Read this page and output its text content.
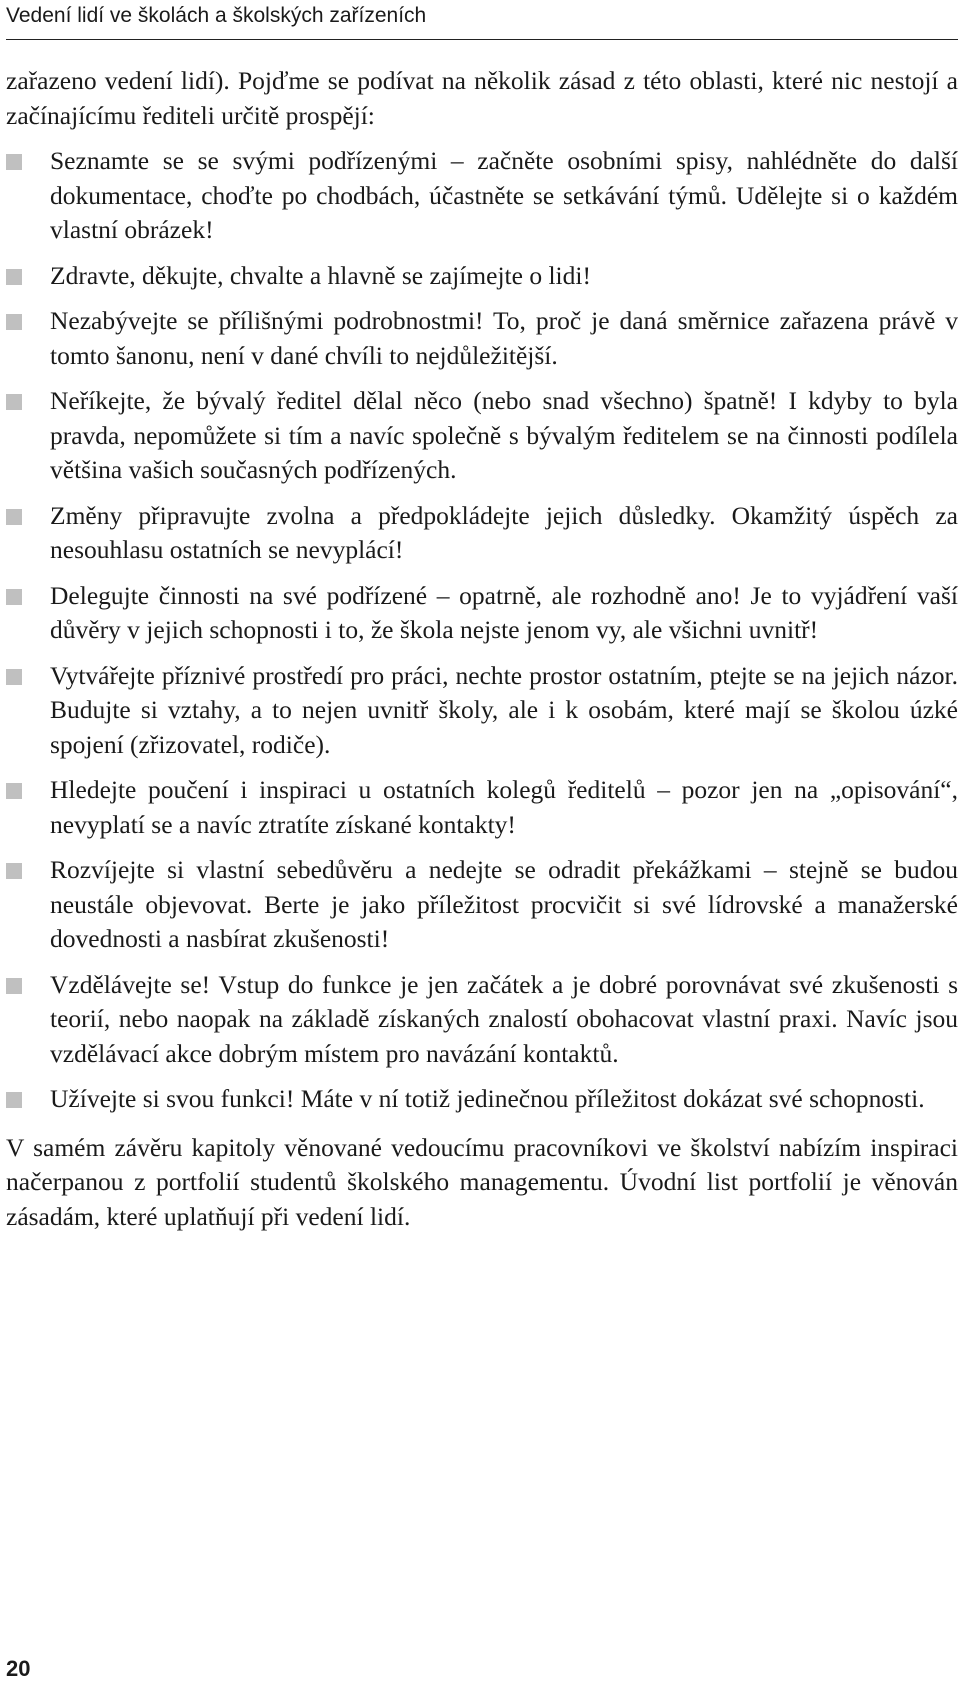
Vedení lidí ve školách a školských zařízeních

zařazeno vedení lidí). Pojďme se podívat na několik zásad z této oblasti, které nic nestojí a začínajícímu řediteli určitě prospějí:

Seznamte se se svými podřízenými – začněte osobními spisy, nahlédněte do další dokumentace, choďte po chodbách, účastněte se setkávání týmů. Udělejte si o každém vlastní obrázek!
Zdravte, děkujte, chvalte a hlavně se zajímejte o lidi!
Nezabývejte se přílišnými podrobnostmi! To, proč je daná směrnice zařazena právě v tomto šanonu, není v dané chvíli to nejdůležitější.
Neříkejte, že bývalý ředitel dělal něco (nebo snad všechno) špatně! I kdyby to byla pravda, nepomůžete si tím a navíc společně s bývalým ředitelem se na činnosti podílela většina vašich současných podřízených.
Změny připravujte zvolna a předpokládejte jejich důsledky. Okamžitý úspěch za nesouhlasu ostatních se nevyplácí!
Delegujte činnosti na své podřízené – opatrně, ale rozhodně ano! Je to vyjádření vaší důvěry v jejich schopnosti i to, že škola nejste jenom vy, ale všichni uvnitř!
Vytvářejte příznivé prostředí pro práci, nechte prostor ostatním, ptejte se na jejich názor. Budujte si vztahy, a to nejen uvnitř školy, ale i k osobám, které mají se školou úzké spojení (zřizovatel, rodiče).
Hledejte poučení i inspiraci u ostatních kolegů ředitelů – pozor jen na „opisování“, nevyplatí se a navíc ztratíte získané kontakty!
Rozvíjejte si vlastní sebedůvěru a nedejte se odradit překážkami – stejně se budou neustále objevovat. Berte je jako příležitost procvičit si své lídrovské a manažerské dovednosti a nasbírat zkušenosti!
Vzdělávejte se! Vstup do funkce je jen začátek a je dobré porovnávat své zkušenosti s teorií, nebo naopak na základě získaných znalostí obohacovat vlastní praxi. Navíc jsou vzdělávací akce dobrým místem pro navázání kontaktů.
Užívejte si svou funkci! Máte v ní totiž jedinečnou příležitost dokázat své schopnosti.

V samém závěru kapitoly věnované vedoucímu pracovníkovi ve školství nabízím inspiraci načerpanou z portfolií studentů školského managementu. Úvodní list portfolií je věnován zásadám, které uplatňují při vedení lidí.

20
